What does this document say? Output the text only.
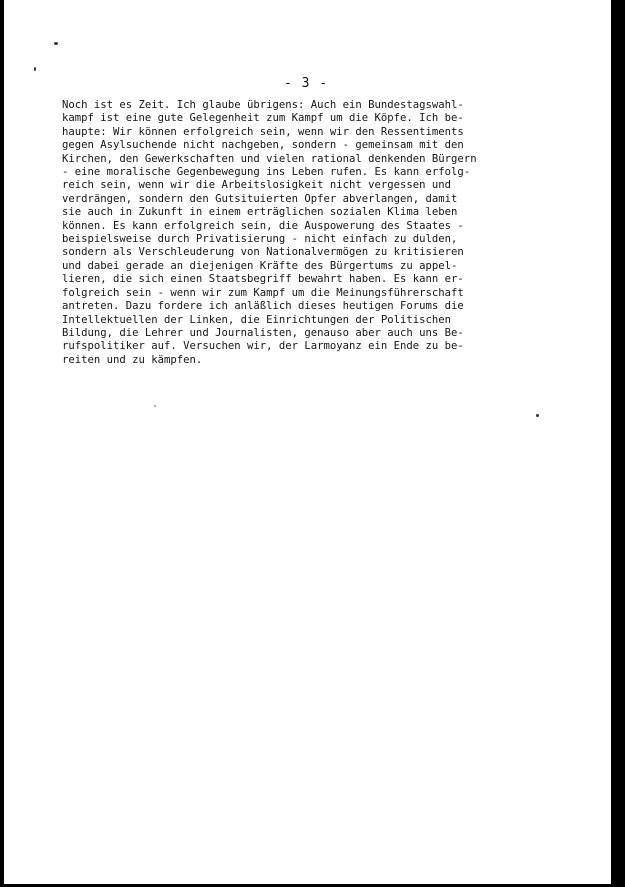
- 3 -
Noch ist es Zeit. Ich glaube übrigens: Auch ein Bundestagswahl-
kampf ist eine gute Gelegenheit zum Kampf um die Köpfe. Ich be-
haupte: Wir können erfolgreich sein, wenn wir den Ressentiments
gegen Asylsuchende nicht nachgeben, sondern - gemeinsam mit den
Kirchen, den Gewerkschaften und vielen rational denkenden Bürgern
- eine moralische Gegenbewegung ins Leben rufen. Es kann erfolg-
reich sein, wenn wir die Arbeitslosigkeit nicht vergessen und
verdrängen, sondern den Gutsituierten Opfer abverlangen, damit
sie auch in Zukunft in einem erträglichen sozialen Klima leben
können. Es kann erfolgreich sein, die Auspowerung des Staates -
beispielsweise durch Privatisierung - nicht einfach zu dulden,
sondern als Verschleuderung von Nationalvermögen zu kritisieren
und dabei gerade an diejenigen Kräfte des Bürgertums zu appel-
lieren, die sich einen Staatsbegriff bewahrt haben. Es kann er-
folgreich sein - wenn wir zum Kampf um die Meinungsführerschaft
antreten. Dazu fordere ich anläßlich dieses heutigen Forums die
Intellektuellen der Linken, die Einrichtungen der Politischen
Bildung, die Lehrer und Journalisten, genauso aber auch uns Be-
rufspolitiker auf. Versuchen wir, der Larmoyanz ein Ende zu be-
reiten und zu kämpfen.
